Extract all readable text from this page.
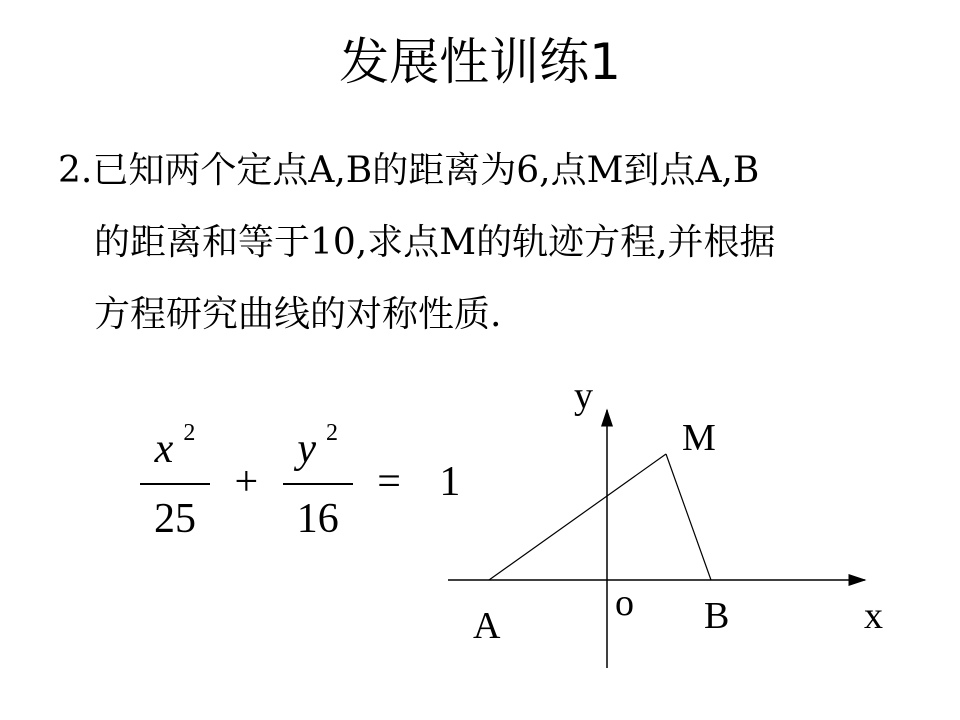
发展性训练1
2.已知两个定点A,B的距离为6,点M到点A,B
的距离和等于10,求点M的轨迹方程,并根据
方程研究曲线的对称性质.
$\frac{x ^2}{25} + \frac{y ^2}{16} = 1$
y
x
o
A	B
M
